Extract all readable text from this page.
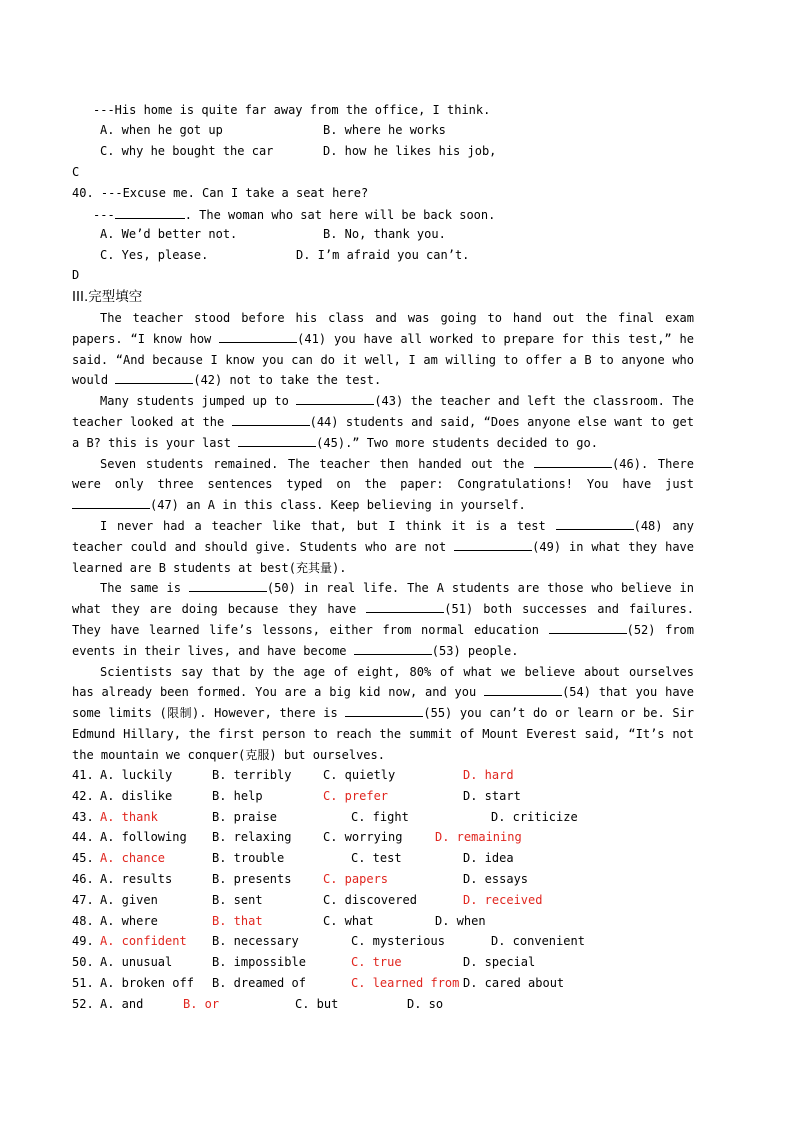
---His home is quite far away from the office, I think.
A. when he got up	B. where he works
C. why he bought the car	D. how he likes his job,
C
40. ---Excuse me. Can I take a seat here?
---	. The woman who sat here will be back soon.
A. We’d better not.	B. No, thank you.
C. Yes, please.	D. I’m afraid you can’t.
D
III.完型填空

The teacher stood before his class and was going to hand out the final exam papers. “I know how	(41) you have all worked to prepare for this test,” he said. “And because I know you can do it well, I am willing to offer a B to anyone who would	(42) not to take the test.

Many students jumped up to	(43) the teacher and left the classroom. The teacher looked at the	(44) students and said, “Does anyone else want to get a B? this is your last	(45).” Two more students decided to go.

Seven students remained. The teacher then handed out the	(46). There were only three sentences typed on the paper: Congratulations! You have just (47) an A in this class. Keep believing in yourself.

I never had a teacher like that, but I think it is a test	(48) any teacher could and should give. Students who are not	(49) in what they have learned are B students at best(充其量).

The same is	(50) in real life. The A students are those who believe in what they are doing because they have	(51) both successes and failures. They have learned life’s lessons, either from normal education	(52) from events in their lives, and have become	(53) people.

Scientists say that by the age of eight, 80% of what we believe about ourselves has already been formed. You are a big kid now, and you	(54) that you have some limits (限制). However, there is	(55) you can’t do or learn or be. Sir Edmund Hillary, the first person to reach the summit of Mount Everest said, “It’s not the mountain we conquer(克服) but ourselves.

41. A. luckily	B. terribly	C. quietly	D. hard
42. A. dislike	B. help	C. prefer	D. start
43. A. thank	B. praise	C. fight	D. criticize
44. A. following B. relaxing	C. worrying	D. remaining
45. A. chance	B. trouble	C. test	D. idea
46. A. results	B. presents	C. papers	D. essays
47. A. given	B. sent	C. discovered	D. received
48. A. where	B. that	C. what	D. when
49. A. confident B. necessary	C. mysterious	D. convenient
50. A. unusual	B. impossible	C. true	D. special
51. A. broken off B. dreamed of	C. learned from D. cared about
52. A. and	B. or	C. but	D. so
